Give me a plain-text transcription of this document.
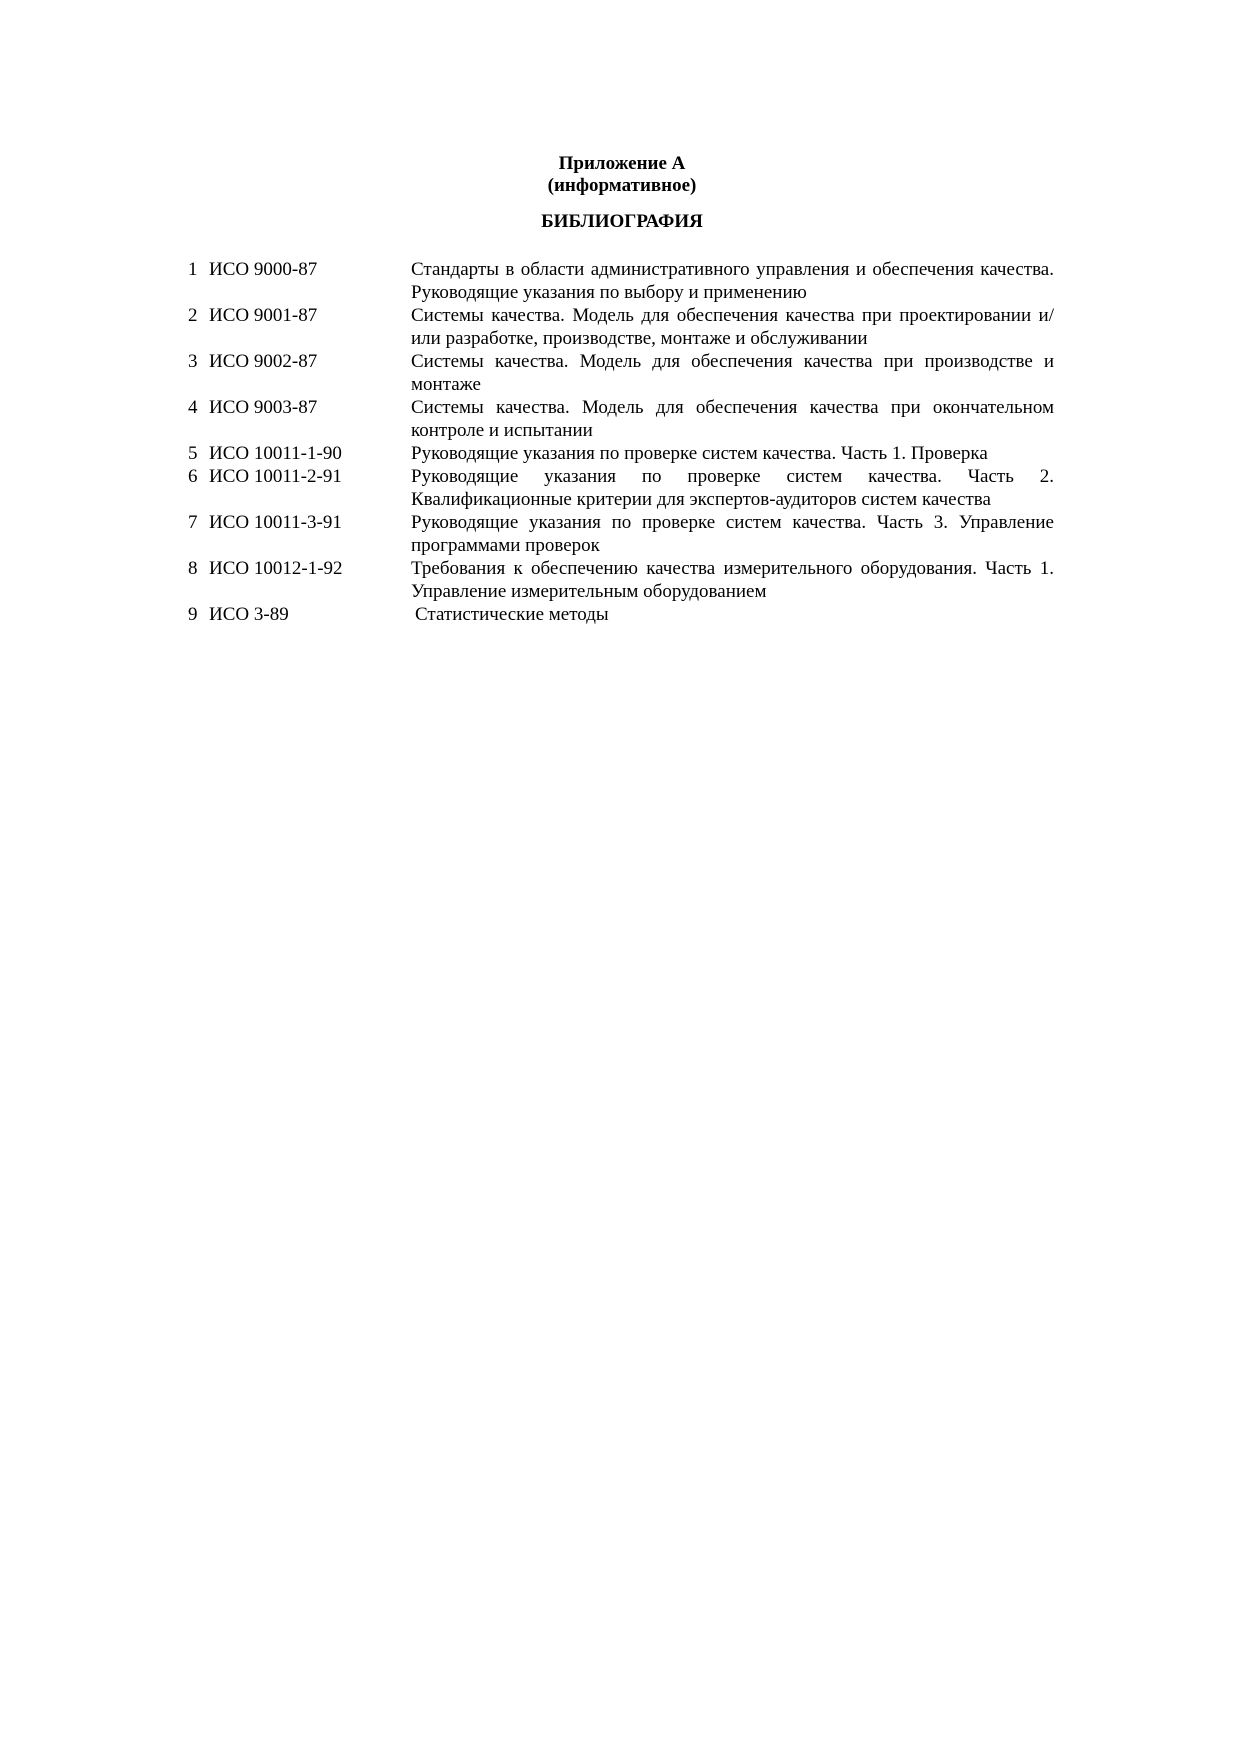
Приложение А
(информативное)
БИБЛИОГРАФИЯ
1 ИСО 9000-87	Стандарты в области административного управления и обеспечения качества. Руководящие указания по выбору и применению
2 ИСО 9001-87	Системы качества. Модель для обеспечения качества при проектировании и/или разработке, производстве, монтаже и обслуживании
3 ИСО 9002-87	Системы качества. Модель для обеспечения качества при производстве и монтаже
4 ИСО 9003-87	Системы качества. Модель для обеспечения качества при окончательном контроле и испытании
5 ИСО 10011-1-90	Руководящие указания по проверке систем качества. Часть 1. Проверка
6 ИСО 10011-2-91	Руководящие указания по проверке систем качества. Часть 2. Квалификационные критерии для экспертов-аудиторов систем качества
7 ИСО 10011-3-91	Руководящие указания по проверке систем качества. Часть 3. Управление программами проверок
8 ИСО 10012-1-92	Требования к обеспечению качества измерительного оборудования. Часть 1. Управление измерительным оборудованием
9 ИСО 3-89	Статистические методы
